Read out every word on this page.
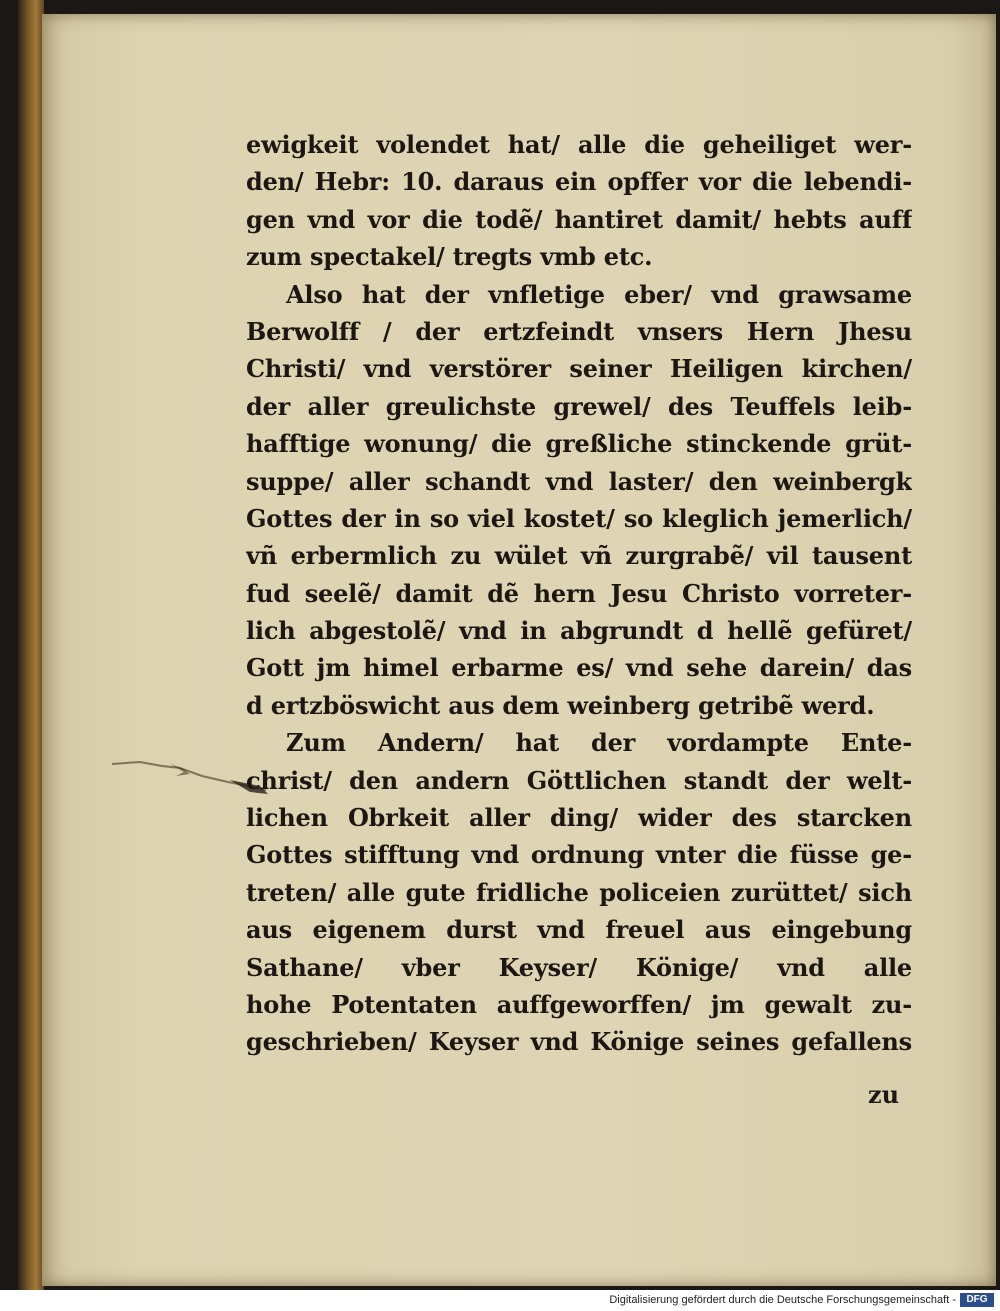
ewigkeit volendet hat/ alle die geheiliget wer-
den/ Hebr: 10. daraus ein opffer vor die lebendi-
gen vnd vor die todẽ/ hantiret damit/ hebts auff
zum spectakel/ tregts vmb etc.
Also hat der vnfletige eber/ vnd grawsame
Berwolff / der ertzfeindt vnsers Hern Jhesu
Christi/ vnd verstörer seiner Heiligen kirchen/
der aller greulichste grewel/ des Teuffels leib-
hafftige wonung/ die greßliche stinckende grüt-
suppe/ aller schandt vnd laster/ den weinbergk
Gottes der in so viel kostet/ so kleglich jemerlich/
vñ erbermlich zu wület vñ zurgrabẽ/ vil tausent
fud seelẽ/ damit dẽ hern Jesu Christo vorreter-
lich abgestolẽ/ vnd in abgrundt d hellẽ gefüret/
Gott jm himel erbarme es/ vnd sehe darein/ das
d ertzböswicht aus dem weinberg getribẽ werd.
Zum Andern/ hat der vordampte Ente-
christ/ den andern Göttlichen standt der welt-
lichen Obrkeit aller ding/ wider des starcken
Gottes stifftung vnd ordnung vnter die füsse ge-
treten/ alle gute fridliche policeien zurüttet/ sich
aus eigenem durst vnd freuel aus eingebung
Sathane/ vber Keyser/ Könige/ vnd alle
hohe Potentaten auffgeworffen/ jm gewalt zu-
geschrieben/ Keyser vnd Könige seines gefallens
zu
Digitalisierung gefördert durch die Deutsche Forschungsgemeinschaft -	DFG
